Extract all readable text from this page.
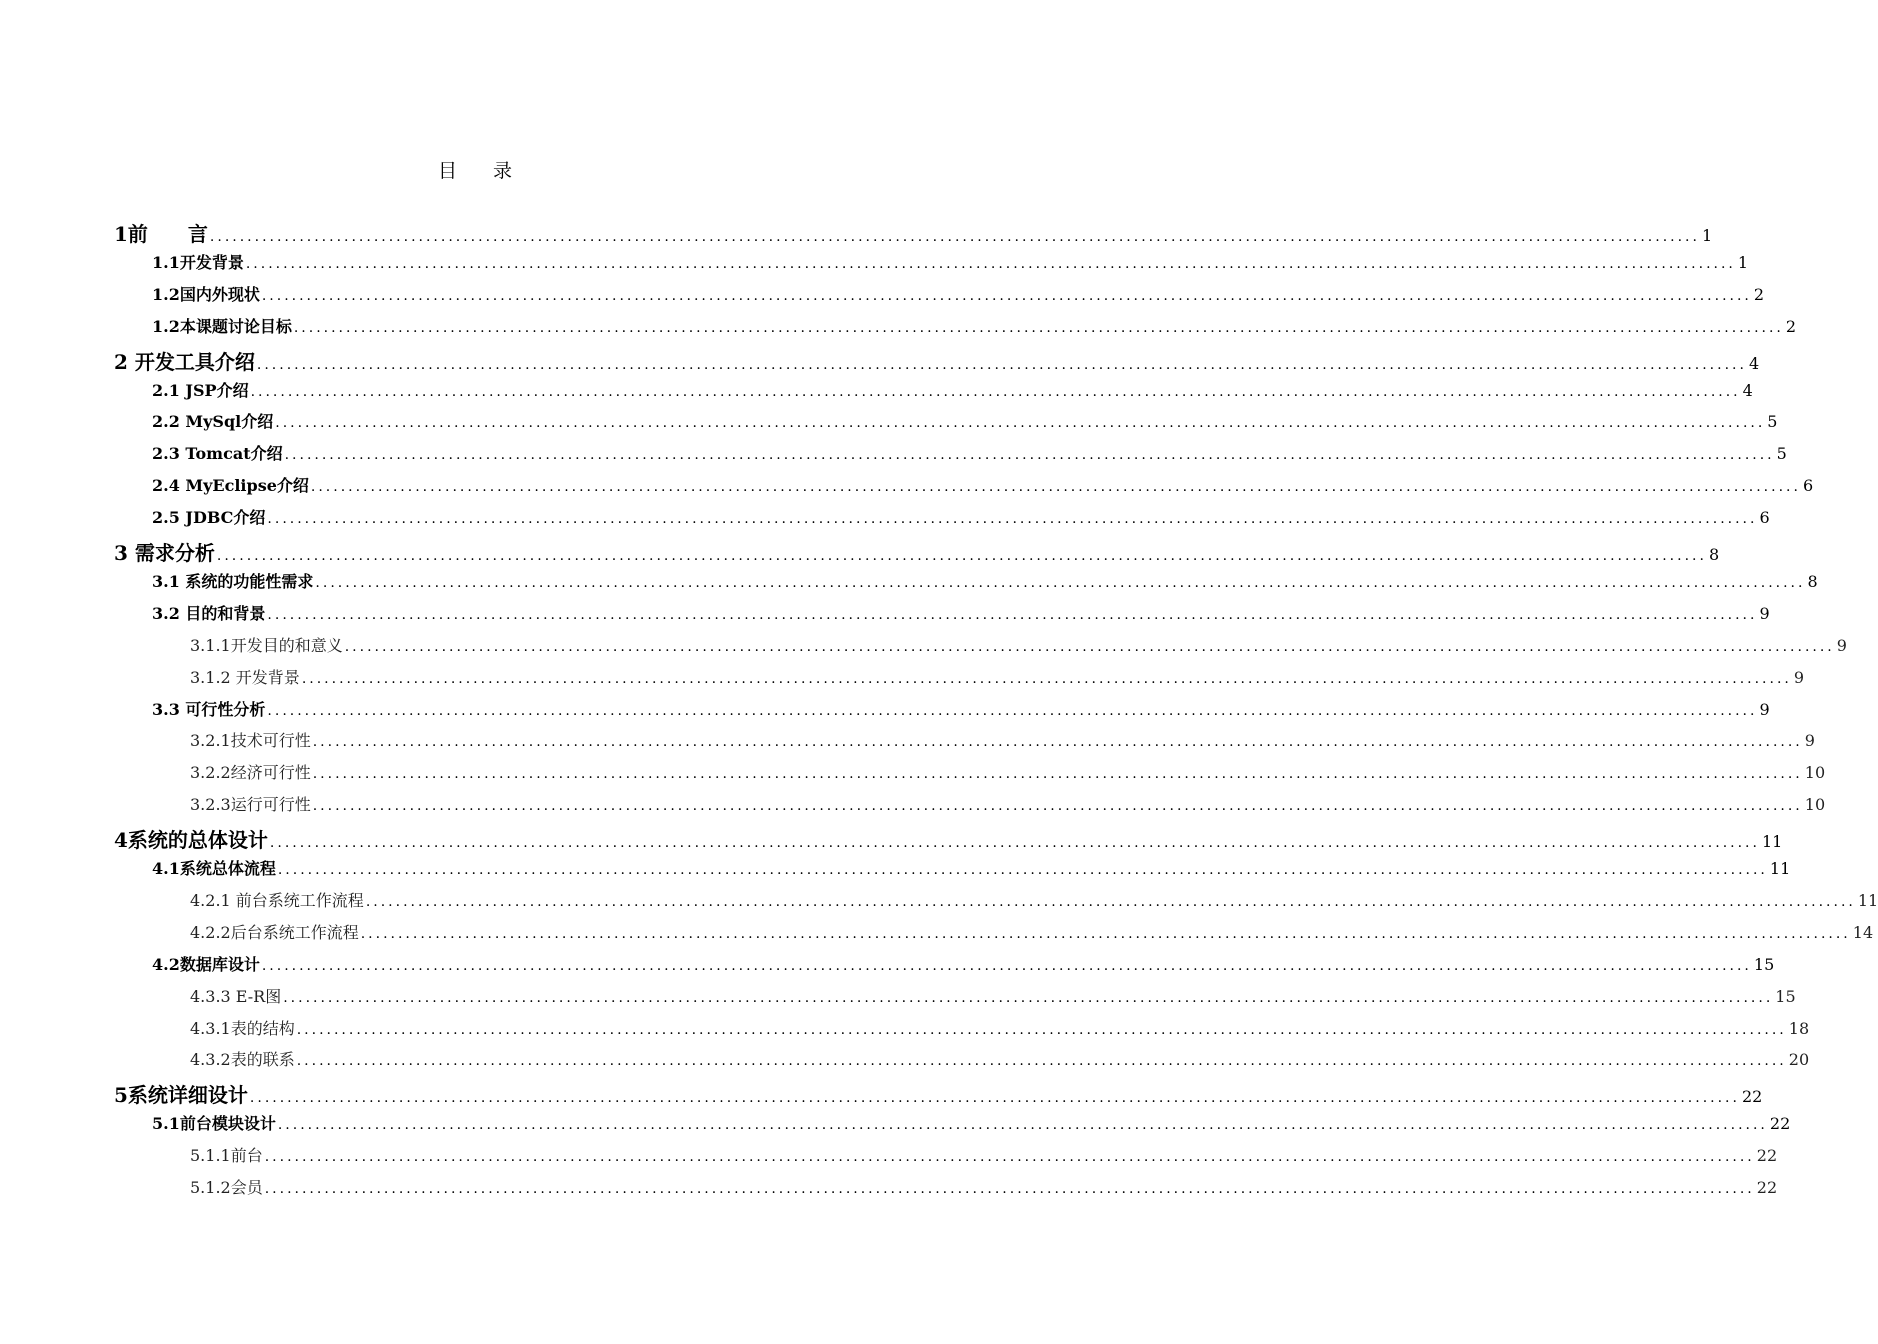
目 录
1前　　言 ........................................................................................................................................................................................................ 1
1.1开发背景 ........................................................................................................................................................................................................ 1
1.2国内外现状 ........................................................................................................................................................................................................ 2
1.2本课题讨论目标 ........................................................................................................................................................................................................ 2
2 开发工具介绍 ........................................................................................................................................................................................................ 4
2.1 JSP介绍 ........................................................................................................................................................................................................ 4
2.2 MySql介绍 ........................................................................................................................................................................................................ 5
2.3 Tomcat介绍 ........................................................................................................................................................................................................ 5
2.4 MyEclipse介绍 ........................................................................................................................................................................................................ 6
2.5 JDBC介绍 ........................................................................................................................................................................................................ 6
3 需求分析 ........................................................................................................................................................................................................ 8
3.1 系统的功能性需求 ........................................................................................................................................................................................................ 8
3.2 目的和背景 ........................................................................................................................................................................................................ 9
3.1.1开发目的和意义 ........................................................................................................................................................................................................ 9
3.1.2 开发背景 ........................................................................................................................................................................................................ 9
3.3 可行性分析 ........................................................................................................................................................................................................ 9
3.2.1技术可行性 ........................................................................................................................................................................................................ 9
3.2.2经济可行性 ........................................................................................................................................................................................................ 10
3.2.3运行可行性 ........................................................................................................................................................................................................ 10
4系统的总体设计 ........................................................................................................................................................................................................ 11
4.1系统总体流程 ........................................................................................................................................................................................................ 11
4.2.1 前台系统工作流程 ........................................................................................................................................................................................................ 11
4.2.2后台系统工作流程 ........................................................................................................................................................................................................ 14
4.2数据库设计 ........................................................................................................................................................................................................ 15
4.3.3 E-R图 ........................................................................................................................................................................................................ 15
4.3.1表的结构 ........................................................................................................................................................................................................ 18
4.3.2表的联系 ........................................................................................................................................................................................................ 20
5系统详细设计 ........................................................................................................................................................................................................ 22
5.1前台模块设计 ........................................................................................................................................................................................................ 22
5.1.1前台 ........................................................................................................................................................................................................ 22
5.1.2会员 ........................................................................................................................................................................................................ 22
